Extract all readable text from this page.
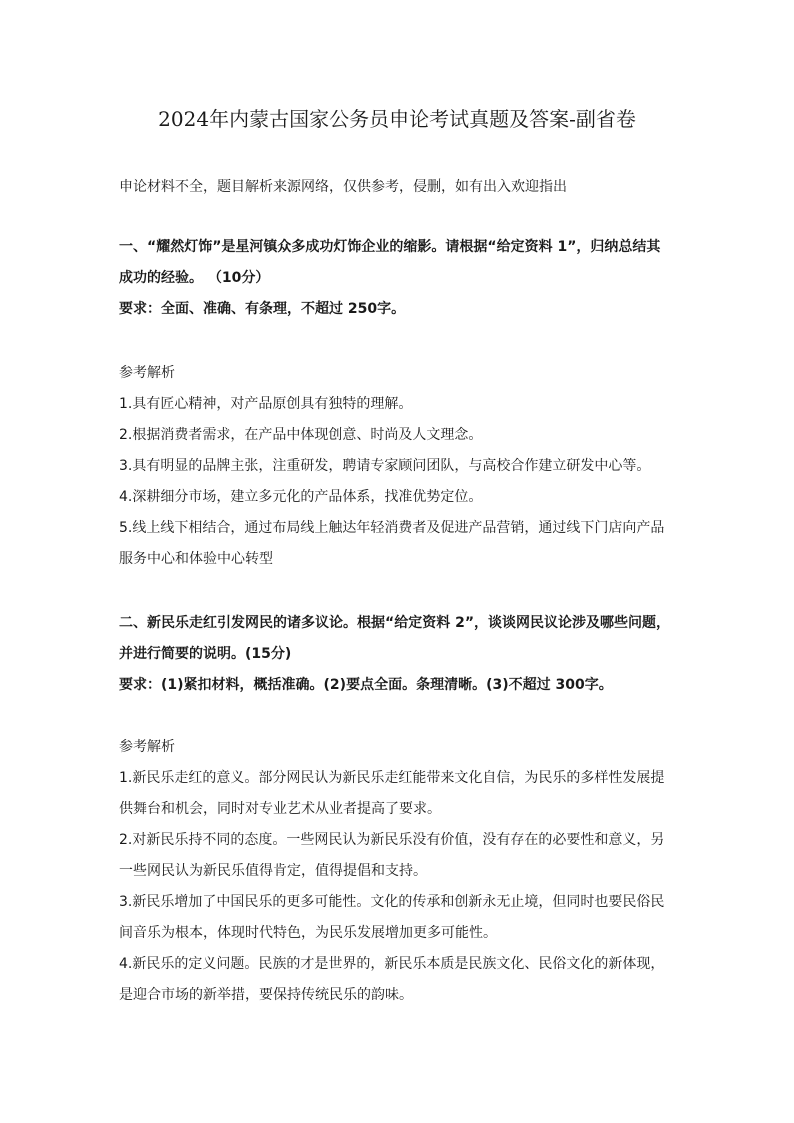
2024年内蒙古国家公务员申论考试真题及答案-副省卷
申论材料不全，题目解析来源网络，仅供参考，侵删，如有出入欢迎指出
一、“耀然灯饰”是星河镇众多成功灯饰企业的缩影。请根据“给定资料 1”，归纳总结其
成功的经验。 （10分）
要求：全面、准确、有条理，不超过 250字。
参考解析
1.具有匠心精神，对产品原创具有独特的理解。
2.根据消费者需求，在产品中体现创意、时尚及人文理念。
3.具有明显的品牌主张，注重研发，聘请专家顾问团队，与高校合作建立研发中心等。
4.深耕细分市场，建立多元化的产品体系，找准优势定位。
5.线上线下相结合，通过布局线上触达年轻消费者及促进产品营销，通过线下门店向产品
服务中心和体验中心转型
二、新民乐走红引发网民的诸多议论。根据“给定资料 2”，谈谈网民议论涉及哪些问题，
并进行简要的说明。(15分)
要求：(1)紧扣材料，概括准确。(2)要点全面。条理清晰。(3)不超过 300字。
参考解析
1.新民乐走红的意义。部分网民认为新民乐走红能带来文化自信，为民乐的多样性发展提
供舞台和机会，同时对专业艺术从业者提高了要求。
2.对新民乐持不同的态度。一些网民认为新民乐没有价值，没有存在的必要性和意义，另
一些网民认为新民乐值得肯定，值得提倡和支持。
3.新民乐增加了中国民乐的更多可能性。文化的传承和创新永无止境，但同时也要民俗民
间音乐为根本，体现时代特色，为民乐发展增加更多可能性。
4.新民乐的定义问题。民族的才是世界的，新民乐本质是民族文化、民俗文化的新体现，
是迎合市场的新举措，要保持传统民乐的韵味。
